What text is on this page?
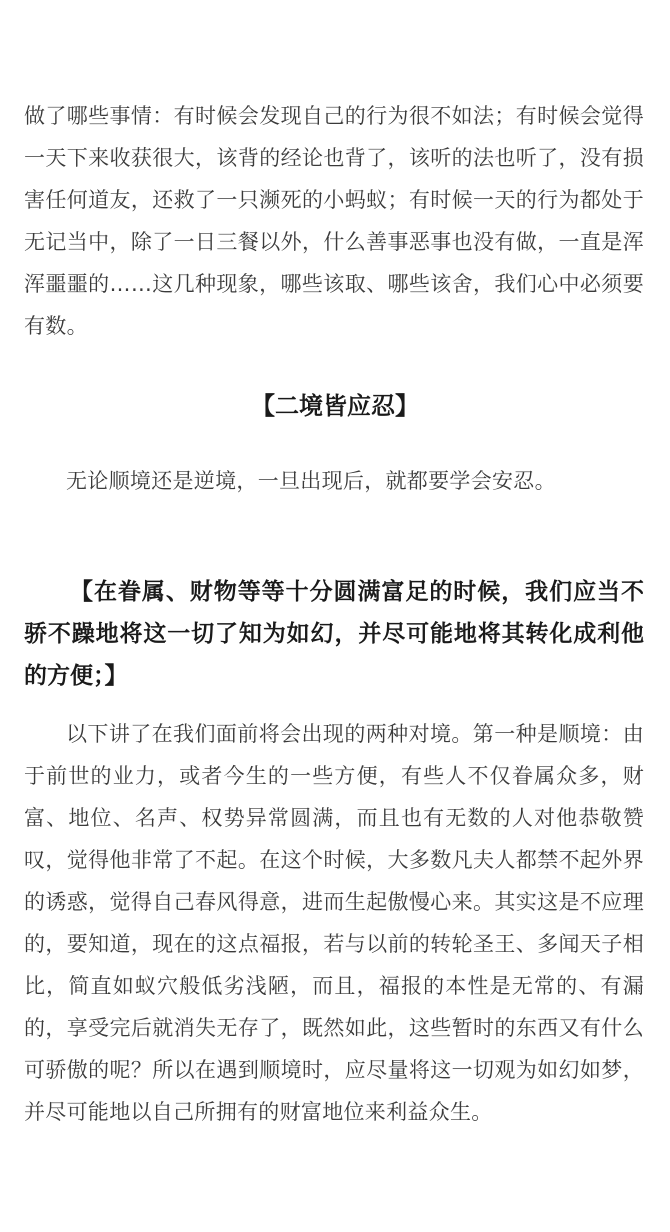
做了哪些事情：有时候会发现自己的行为很不如法；有时候会觉得一天下来收获很大，该背的经论也背了，该听的法也听了，没有损害任何道友，还救了一只濒死的小蚂蚁；有时候一天的行为都处于无记当中，除了一日三餐以外，什么善事恶事也没有做，一直是浑浑噩噩的……这几种现象，哪些该取、哪些该舍，我们心中必须要有数。

【二境皆应忍】

无论顺境还是逆境，一旦出现后，就都要学会安忍。

【在眷属、财物等等十分圆满富足的时候，我们应当不骄不躁地将这一切了知为如幻，并尽可能地将其转化成利他的方便；】

以下讲了在我们面前将会出现的两种对境。第一种是顺境：由于前世的业力，或者今生的一些方便，有些人不仅眷属众多，财富、地位、名声、权势异常圆满，而且也有无数的人对他恭敬赞叹，觉得他非常了不起。在这个时候，大多数凡夫人都禁不起外界的诱惑，觉得自己春风得意，进而生起傲慢心来。其实这是不应理的，要知道，现在的这点福报，若与以前的转轮圣王、多闻天子相比，简直如蚁穴般低劣浅陋，而且，福报的本性是无常的、有漏的，享受完后就消失无存了，既然如此，这些暂时的东西又有什么可骄傲的呢？所以在遇到顺境时，应尽量将这一切观为如幻如梦，并尽可能地以自己所拥有的财富地位来利益众生。
